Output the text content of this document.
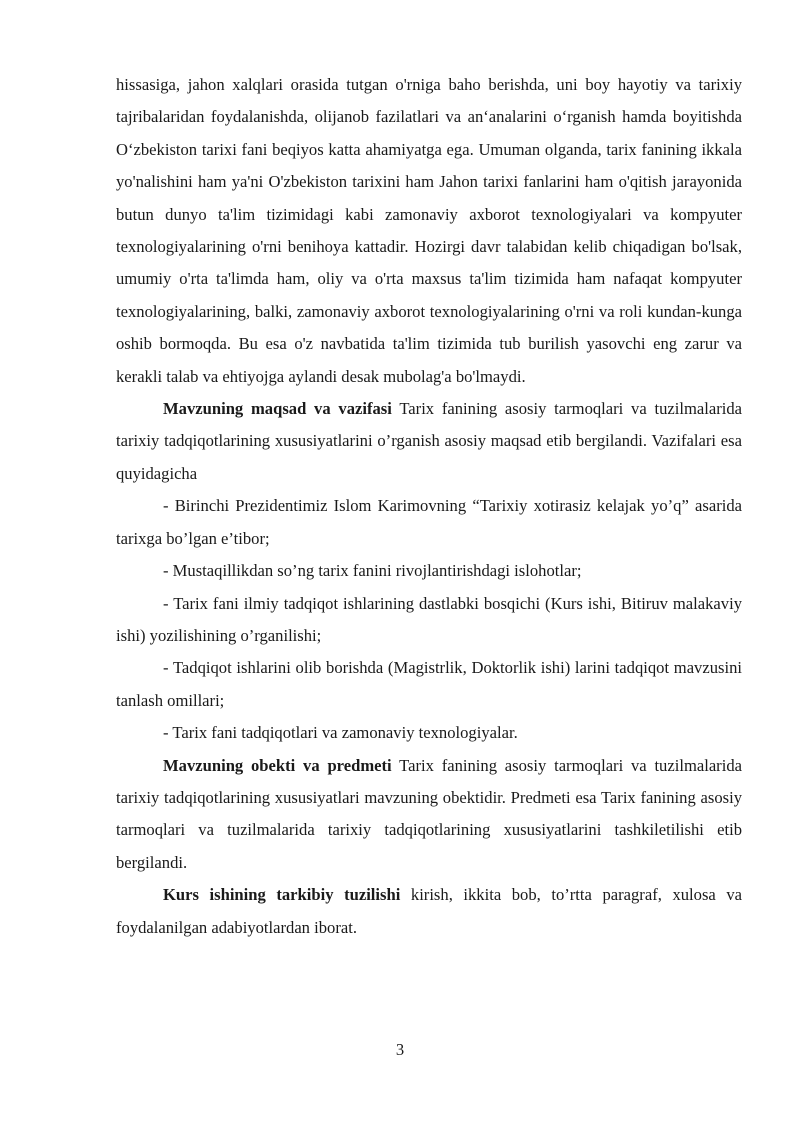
hissasiga, jahon xalqlari orasida tutgan o'rniga baho berishda, uni boy hayotiy va tarixiy tajribalaridan foydalanishda, olijanob fazilatlari va an‘analarini o‘rganish hamda boyitishda O‘zbekiston tarixi fani beqiyos katta ahamiyatga ega. Umuman olganda, tarix fanining ikkala yo'nalishini ham ya'ni O'zbekiston tarixini ham Jahon tarixi fanlarini ham o'qitish jarayonida butun dunyo ta'lim tizimidagi kabi zamonaviy axborot texnologiyalari va kompyuter texnologiyalarining o'rni benihoya kattadir. Hozirgi davr talabidan kelib chiqadigan bo'lsak, umumiy o'rta ta'limda ham, oliy va o'rta maxsus ta'lim tizimida ham nafaqat kompyuter texnologiyalarining, balki, zamonaviy axborot texnologiyalarining o'rni va roli kundan-kunga oshib bormoqda. Bu esa o'z navbatida ta'lim tizimida tub burilish yasovchi eng zarur va kerakli talab va ehtiyojga aylandi desak mubolag'a bo'lmaydi.

Mavzuning maqsad va vazifasi Tarix fanining asosiy tarmoqlari va tuzilmalarida tarixiy tadqiqotlarining xususiyatlarini o’rganish asosiy maqsad etib bergilandi. Vazifalari esa quyidagicha

- Birinchi Prezidentimiz Islom Karimovning “Tarixiy xotirasiz kelajak yo’q” asarida tarixga bo’lgan e’tibor;

- Mustaqillikdan so’ng tarix fanini rivojlantirishdagi islohotlar;

- Tarix fani ilmiy tadqiqot ishlarining dastlabki bosqichi (Kurs ishi, Bitiruv malakaviy ishi) yozilishining o’rganilishi;

- Tadqiqot ishlarini olib borishda (Magistrlik, Doktorlik ishi) larini tadqiqot mavzusini tanlash omillari;

- Tarix fani tadqiqotlari va zamonaviy texnologiyalar.

Mavzuning obekti va predmeti Tarix fanining asosiy tarmoqlari va tuzilmalarida tarixiy tadqiqotlarining xususiyatlari mavzuning obektidir. Predmeti esa Tarix fanining asosiy tarmoqlari va tuzilmalarida tarixiy tadqiqotlarining xususiyatlarini tashkiletilishi etib bergilandi.

Kurs ishining tarkibiy tuzilishi kirish, ikkita bob, to’rtta paragraf, xulosa va foydalanilgan adabiyotlardan iborat.

3
